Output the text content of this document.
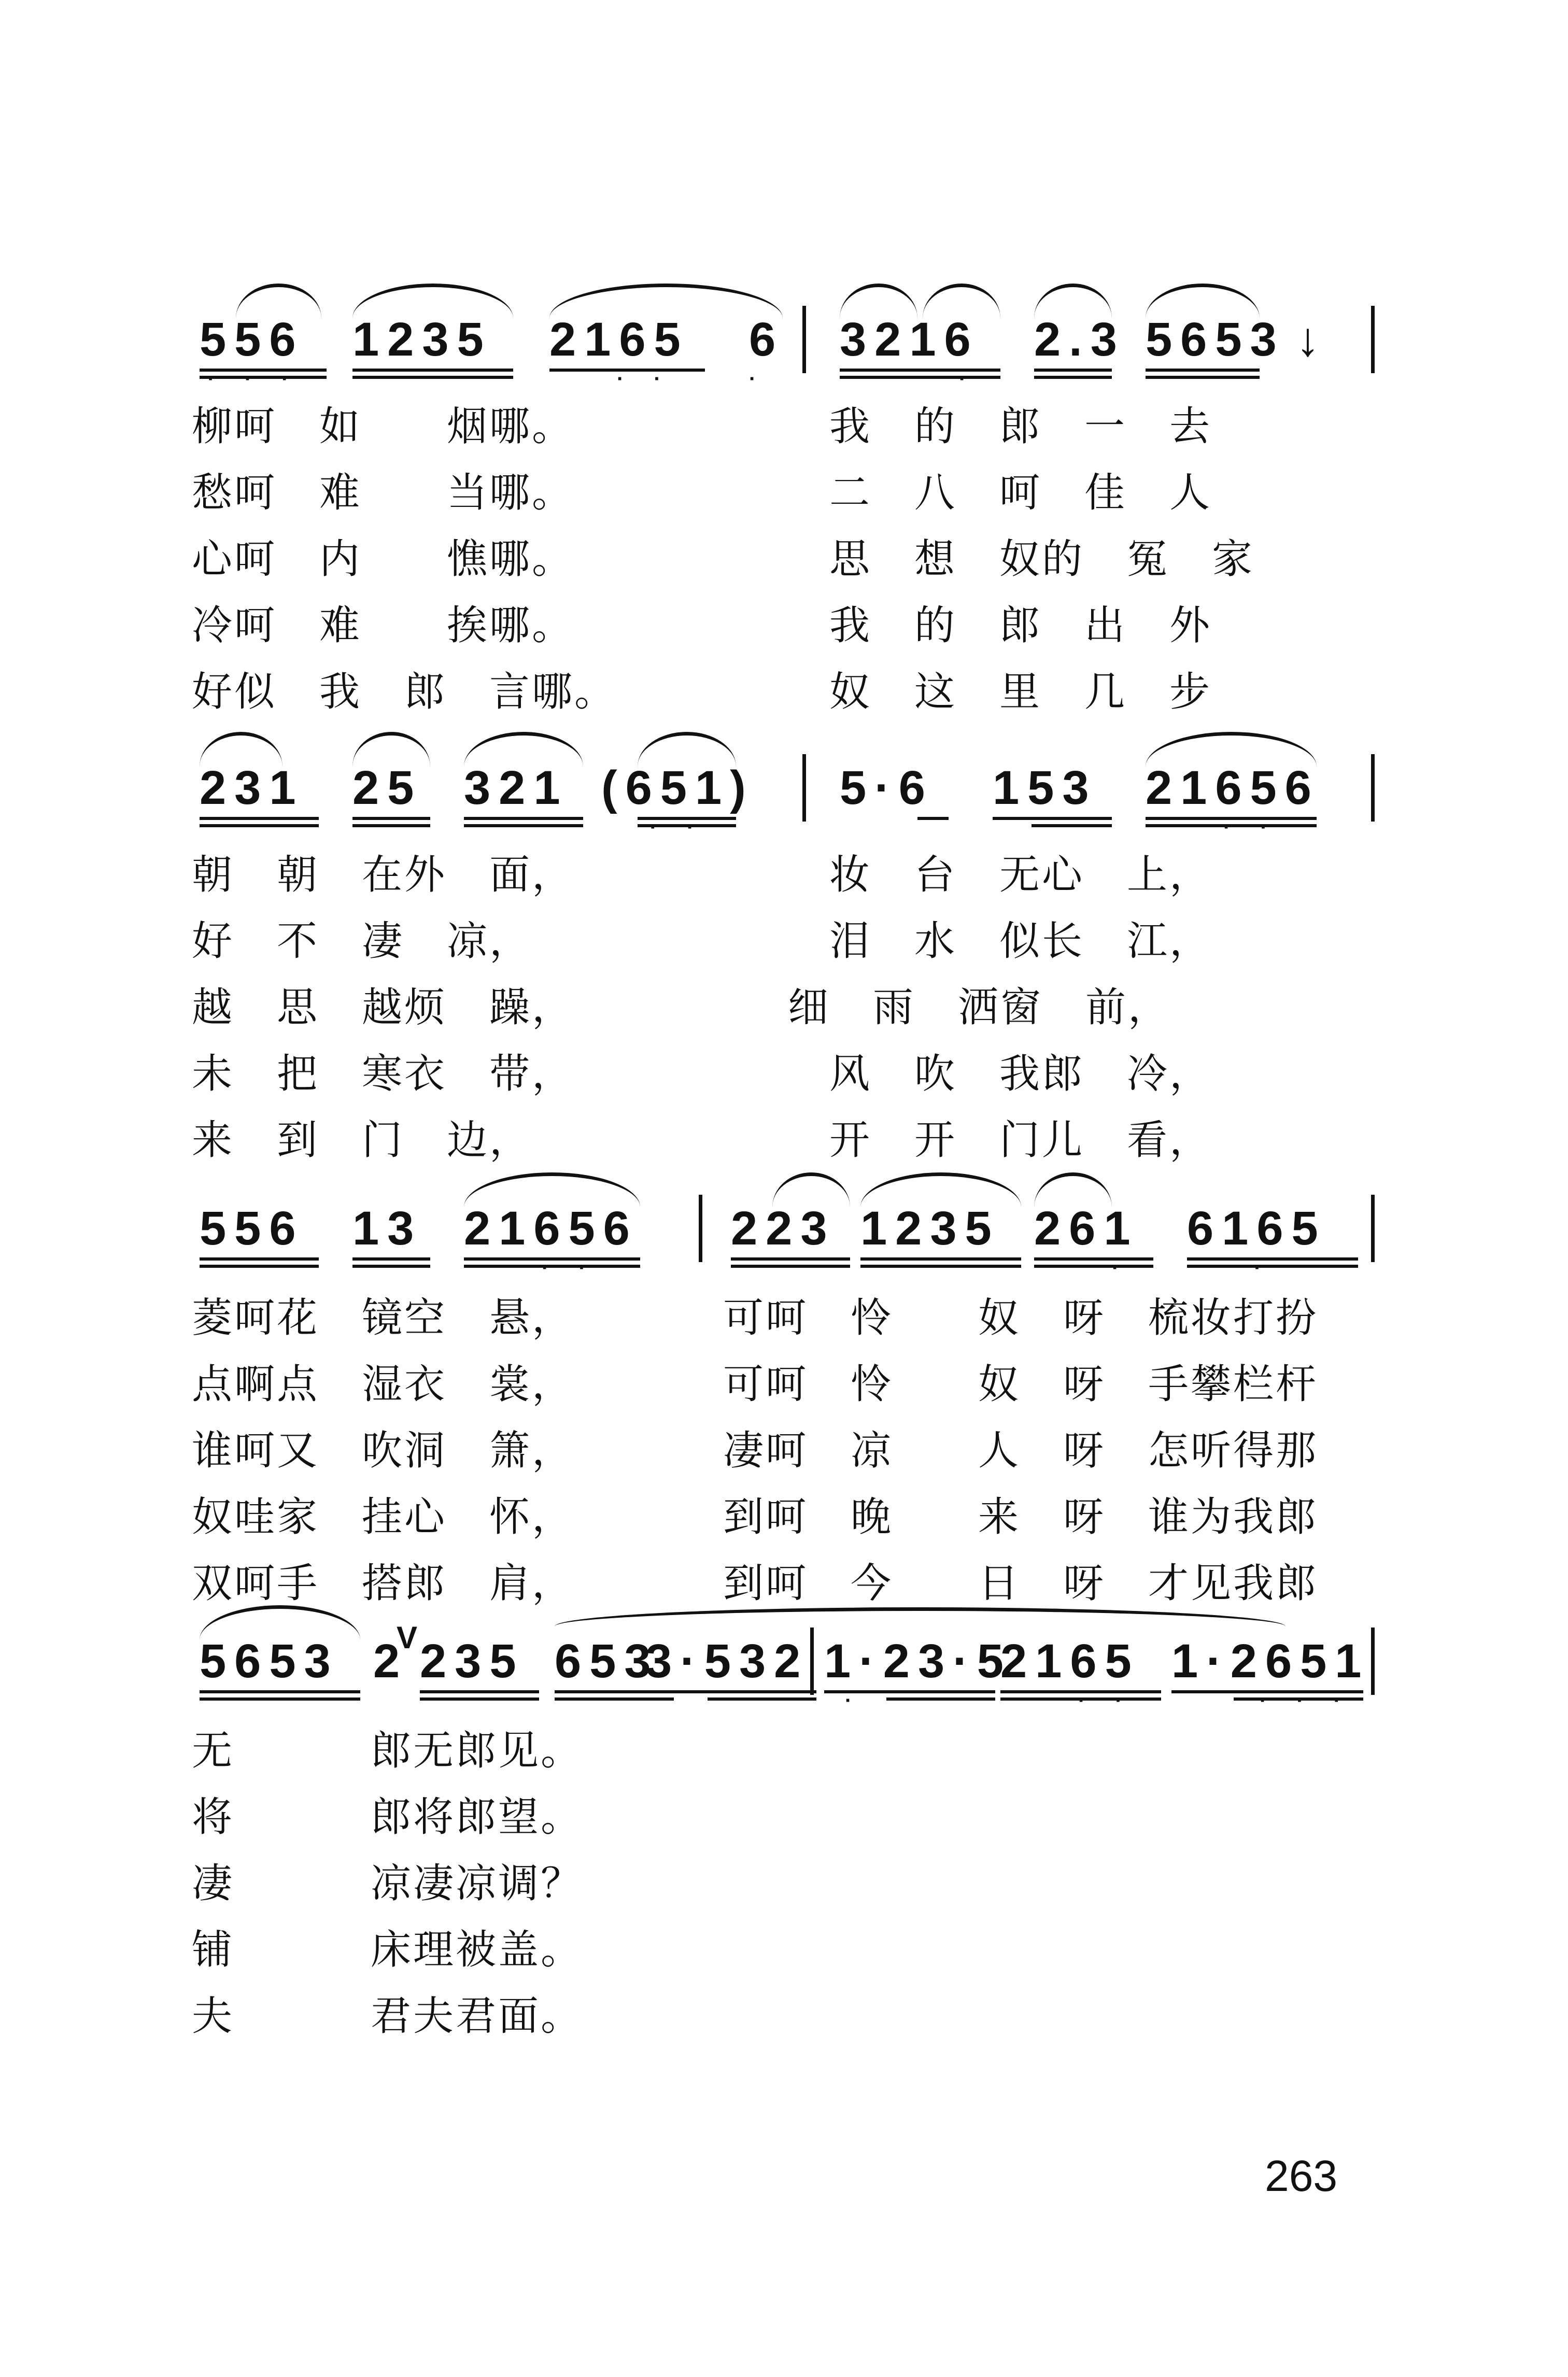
556
···
1235 2165
··
6
·
3216
·
2.3 5653 ↓
柳呵　如　　烟哪。
愁呵　难　　当哪。
心呵　内　　憔哪。
冷呵　难　　挨哪。
好似　我　郎　言哪。
我　的　郎　一　去
二　八　呵　佳　人
思　想　奴的　冤　家
我　的　郎　出　外
奴　这　里　几　步
231 25 321 (651)
··
5·6 153 21656
··
朝　朝　在外　面，
好　不　凄　凉，
越　思　越烦　躁，
未　把　寒衣　带，
来　到　门　边，
妆　台　无心　上，
泪　水　似长　江，
细　雨　洒窗　前，
风　吹　我郎　冷，
开　开　门儿　看，
556 13 21656
··
223 1235 261
·
6165
·
菱呵花　镜空　悬，
点啊点　湿衣　裳，
谁呵又　吹洞　箫，
奴哇家　挂心　怀，
双呵手　搭郎　肩，
可呵　怜　　奴　呀　梳妆打扮
可呵　怜　　奴　呀　手攀栏杆
凄呵　凉　　人　呀　怎听得那
到呵　晚　　来　呀　谁为我郎
到呵　今　　日　呀　才见我郎
5653 2
V
235 653
3·532 1·23·5
·
2165
··
1·2651
···
无
将
凄
铺
夫
郎无郎见。
郎将郎望。
凉凄凉调？
床理被盖。
君夫君面。
263
